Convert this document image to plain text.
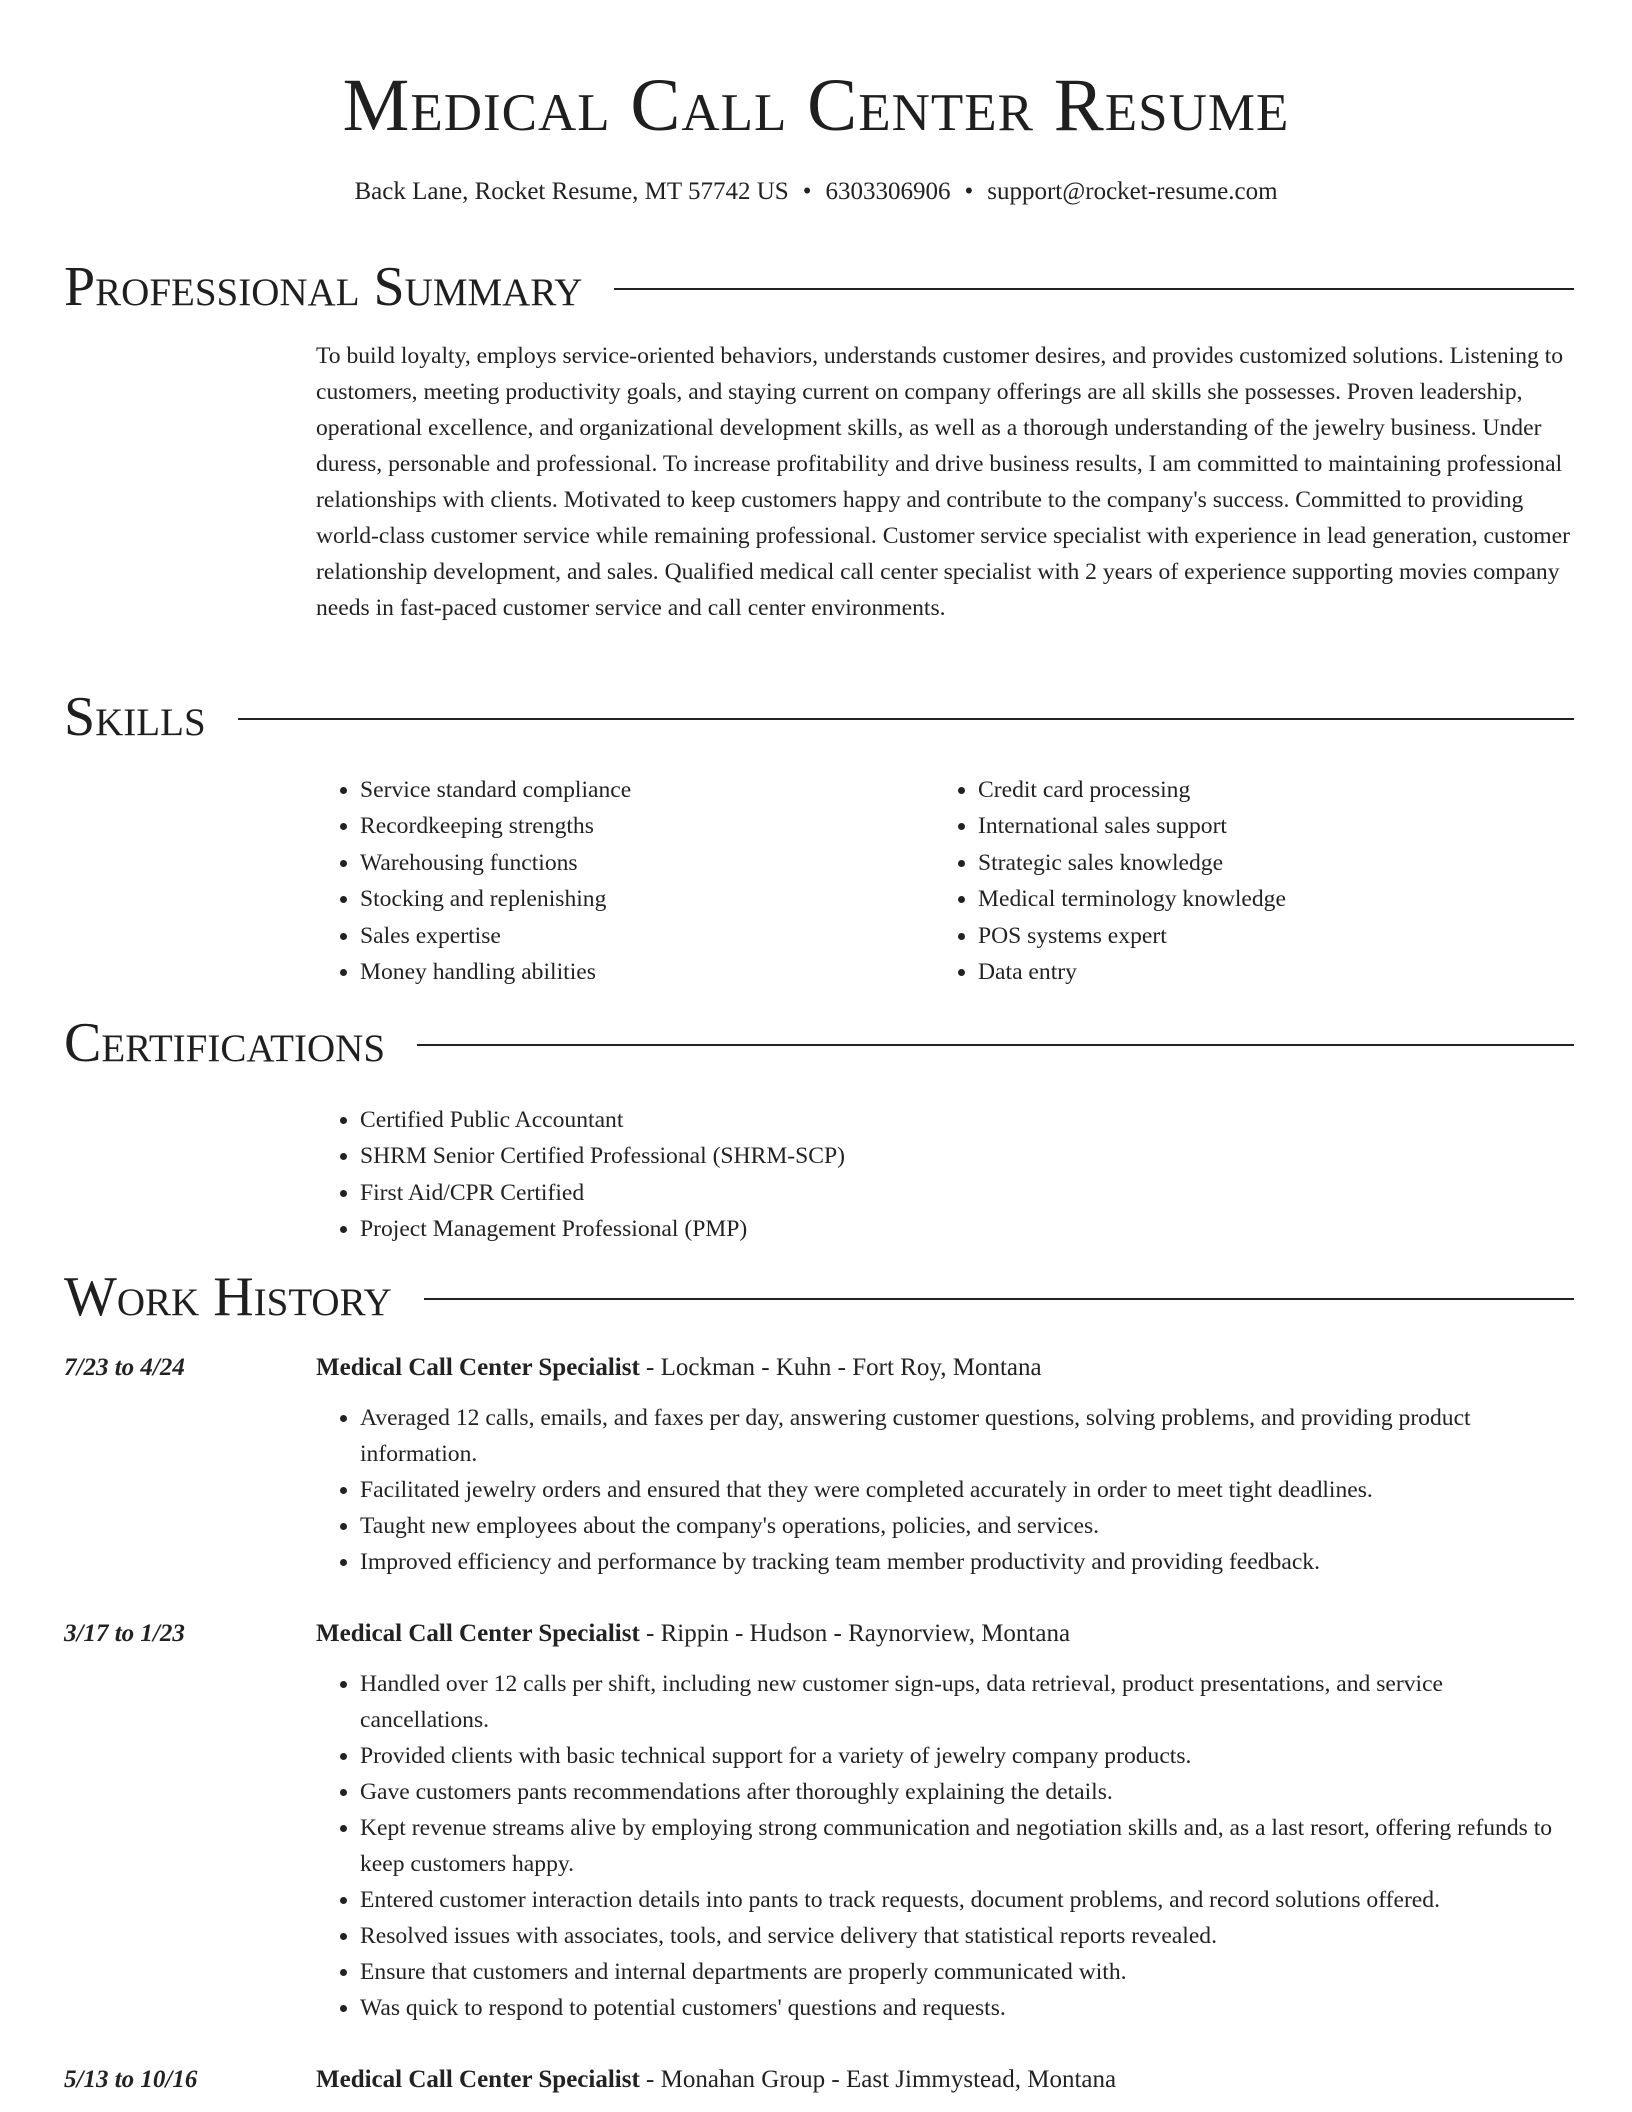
Medical Call Center Resume
Back Lane, Rocket Resume, MT 57742 US • 6303306906 • support@rocket-resume.com
Professional Summary

To build loyalty, employs service-oriented behaviors, understands customer desires, and provides customized solutions. Listening to customers, meeting productivity goals, and staying current on company offerings are all skills she possesses. Proven leadership, operational excellence, and organizational development skills, as well as a thorough understanding of the jewelry business. Under duress, personable and professional. To increase profitability and drive business results, I am committed to maintaining professional relationships with clients. Motivated to keep customers happy and contribute to the company's success. Committed to providing world-class customer service while remaining professional. Customer service specialist with experience in lead generation, customer relationship development, and sales. Qualified medical call center specialist with 2 years of experience supporting movies company needs in fast-paced customer service and call center environments.

Skills
• Service standard compliance
• Recordkeeping strengths
• Warehousing functions
• Stocking and replenishing
• Sales expertise
• Money handling abilities
• Credit card processing
• International sales support
• Strategic sales knowledge
• Medical terminology knowledge
• POS systems expert
• Data entry
Certifications
• Certified Public Accountant
• SHRM Senior Certified Professional (SHRM-SCP)
• First Aid/CPR Certified
• Project Management Professional (PMP)
Work History
7/23 to 4/24	Medical Call Center Specialist - Lockman - Kuhn - Fort Roy, Montana
• Averaged 12 calls, emails, and faxes per day, answering customer questions, solving problems, and providing product information.
• Facilitated jewelry orders and ensured that they were completed accurately in order to meet tight deadlines.
• Taught new employees about the company's operations, policies, and services.
• Improved efficiency and performance by tracking team member productivity and providing feedback.
3/17 to 1/23	Medical Call Center Specialist - Rippin - Hudson - Raynorview, Montana
• Handled over 12 calls per shift, including new customer sign-ups, data retrieval, product presentations, and service cancellations.
• Provided clients with basic technical support for a variety of jewelry company products.
• Gave customers pants recommendations after thoroughly explaining the details.
• Kept revenue streams alive by employing strong communication and negotiation skills and, as a last resort, offering refunds to keep customers happy.
• Entered customer interaction details into pants to track requests, document problems, and record solutions offered.
• Resolved issues with associates, tools, and service delivery that statistical reports revealed.
• Ensure that customers and internal departments are properly communicated with.
• Was quick to respond to potential customers' questions and requests.
5/13 to 10/16	Medical Call Center Specialist - Monahan Group - East Jimmystead, Montana
